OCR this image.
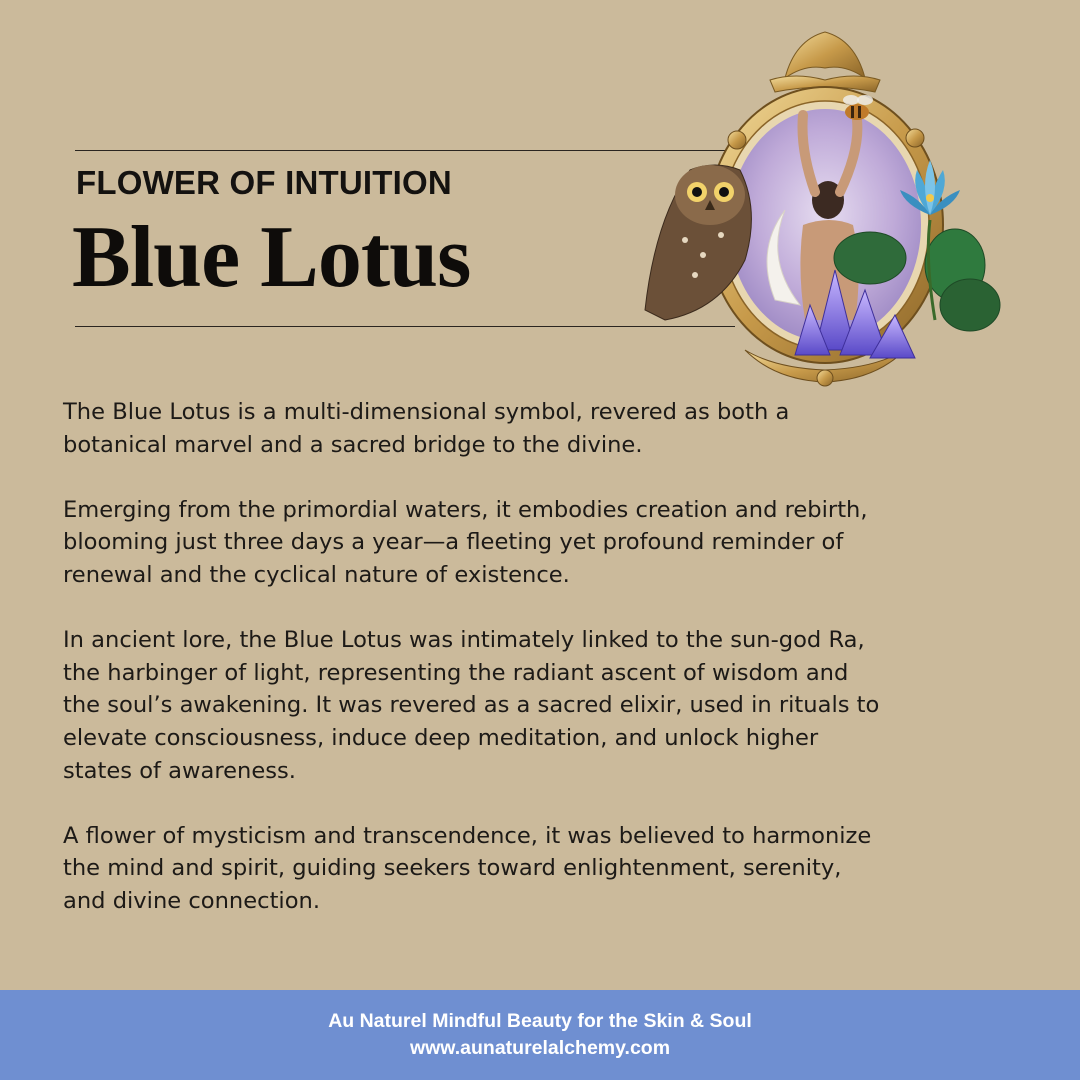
FLOWER OF INTUITION
Blue Lotus

The Blue Lotus is a multi-dimensional symbol, revered as both a
botanical marvel and a sacred bridge to the divine.

Emerging from the primordial waters, it embodies creation and rebirth,
blooming just three days a year—a fleeting yet profound reminder of
renewal and the cyclical nature of existence.

In ancient lore, the Blue Lotus was intimately linked to the sun-god Ra,
the harbinger of light, representing the radiant ascent of wisdom and
the soul’s awakening. It was revered as a sacred elixir, used in rituals to
elevate consciousness, induce deep meditation, and unlock higher
states of awareness.

A flower of mysticism and transcendence, it was believed to harmonize
the mind and spirit, guiding seekers toward enlightenment, serenity,
and divine connection.

Au Naturel Mindful Beauty for the Skin & Soul
www.aunaturelalchemy.com
